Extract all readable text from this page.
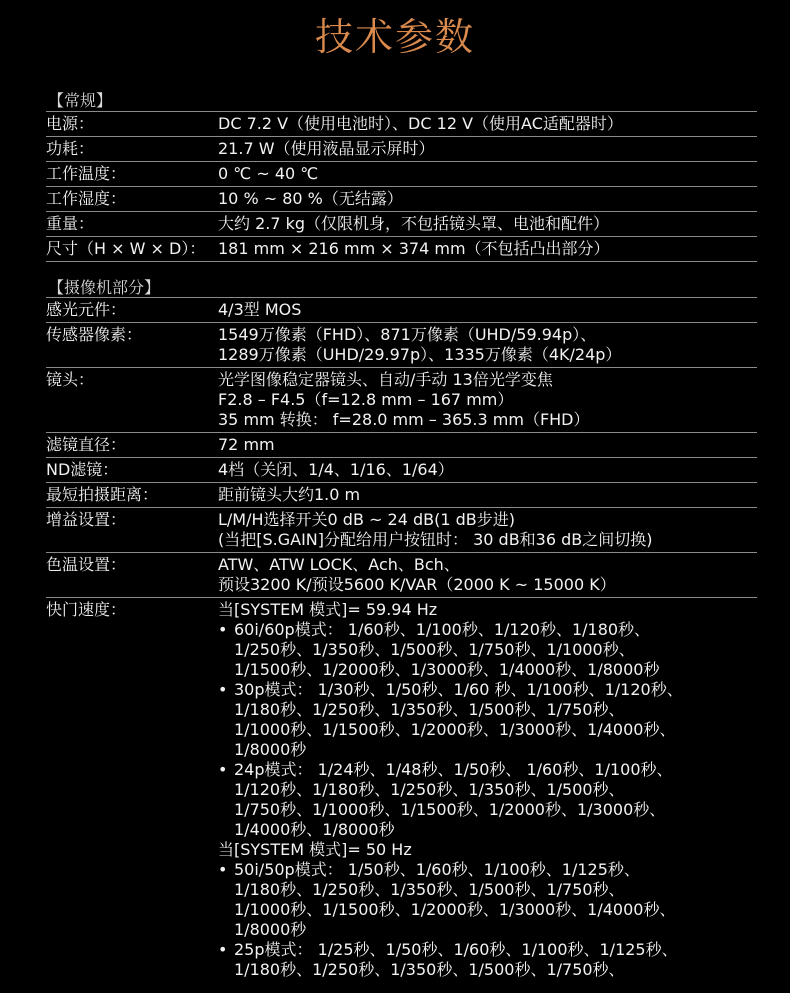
技术参数
【常规】
电源：	DC 7.2 V（使用电池时）、DC 12 V（使用AC适配器时）
功耗：	21.7 W（使用液晶显示屏时）
工作温度：	0 ℃ ~ 40 ℃
工作湿度：	10 % ~ 80 %（无结露）
重量：	大约 2.7 kg（仅限机身，不包括镜头罩、电池和配件）
尺寸（H × W × D）： 181 mm × 216 mm × 374 mm（不包括凸出部分）
【摄像机部分】
感光元件：	4/3型 MOS
传感器像素：	1549万像素（FHD）、871万像素（UHD/59.94p）、
1289万像素（UHD/29.97p）、1335万像素（4K/24p）
镜头：	光学图像稳定器镜头、自动/手动 13倍光学变焦
F2.8 – F4.5（f=12.8 mm – 167 mm）
35 mm 转换： f=28.0 mm – 365.3 mm（FHD）
滤镜直径：	72 mm
ND滤镜：	4档（关闭、1/4、1/16、1/64）
最短拍摄距离：	距前镜头大约1.0 m
增益设置：	L/M/H选择开关0 dB ~ 24 dB(1 dB步进)
(当把[S.GAIN]分配给用户按钮时： 30 dB和36 dB之间切换)
色温设置：	ATW、ATW LOCK、Ach、Bch、
预设3200 K/预设5600 K/VAR（2000 K ~ 15000 K）
快门速度：	当[SYSTEM 模式]= 59.94 Hz
• 60i/60p模式： 1/60秒、1/100秒、1/120秒、1/180秒、
1/250秒、1/350秒、1/500秒、1/750秒、1/1000秒、
1/1500秒、1/2000秒、1/3000秒、1/4000秒、1/8000秒
• 30p模式： 1/30秒、1/50秒、1/60 秒、1/100秒、1/120秒、
1/180秒、1/250秒、1/350秒、1/500秒、1/750秒、
1/1000秒、1/1500秒、1/2000秒、1/3000秒、1/4000秒、
1/8000秒
• 24p模式： 1/24秒、1/48秒、1/50秒、 1/60秒、1/100秒、
1/120秒、1/180秒、1/250秒、1/350秒、1/500秒、
1/750秒、1/1000秒、1/1500秒、1/2000秒、1/3000秒、
1/4000秒、1/8000秒
当[SYSTEM 模式]= 50 Hz
• 50i/50p模式： 1/50秒、1/60秒、1/100秒、1/125秒、
1/180秒、1/250秒、1/350秒、1/500秒、1/750秒、
1/1000秒、1/1500秒、1/2000秒、1/3000秒、1/4000秒、
1/8000秒
• 25p模式： 1/25秒、1/50秒、1/60秒、1/100秒、1/125秒、
1/180秒、1/250秒、1/350秒、1/500秒、1/750秒、
